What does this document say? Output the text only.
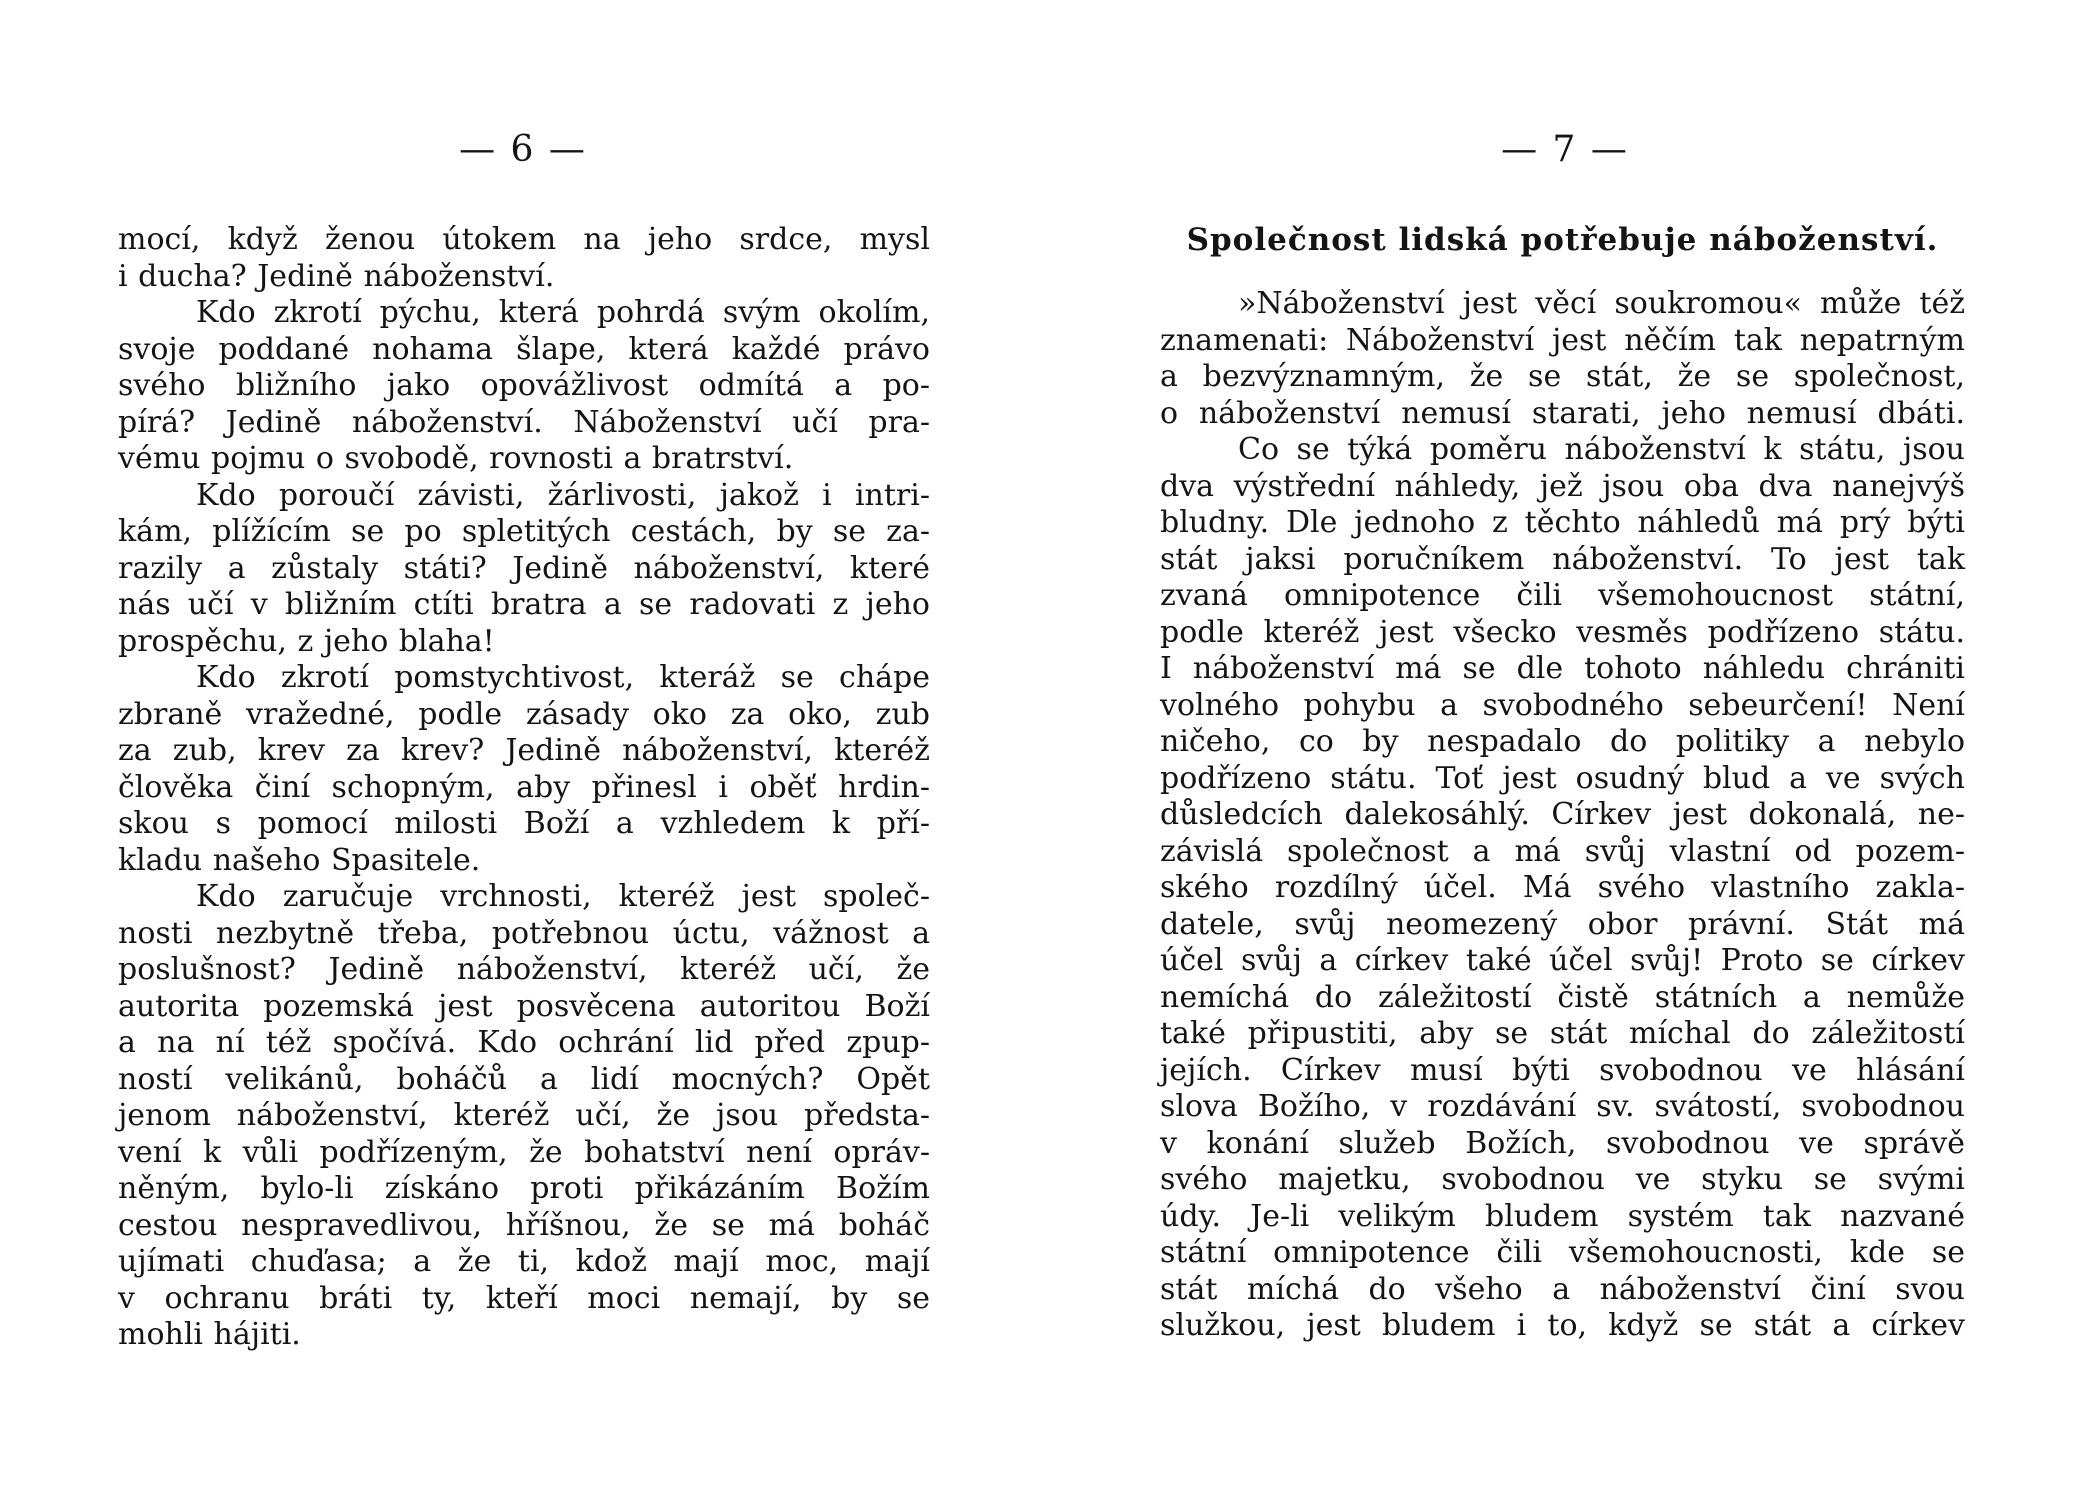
— 6 —
mocí, když ženou útokem na jeho srdce, mysl
i ducha? Jedině náboženství.
Kdo zkrotí pýchu, která pohrdá svým okolím,
svoje poddané nohama šlape, která každé právo
svého bližního jako opovážlivost odmítá a po-
pírá? Jedině náboženství. Náboženství učí pra-
vému pojmu o svobodě, rovnosti a bratrství.
Kdo poroučí závisti, žárlivosti, jakož i intri-
kám, plížícím se po spletitých cestách, by se za-
razily a zůstaly státi? Jedině náboženství, které
nás učí v bližním ctíti bratra a se radovati z jeho
prospěchu, z jeho blaha!
Kdo zkrotí pomstychtivost, kteráž se chápe
zbraně vražedné, podle zásady oko za oko, zub
za zub, krev za krev? Jedině náboženství, kteréž
člověka činí schopným, aby přinesl i oběť hrdin-
skou s pomocí milosti Boží a vzhledem k pří-
kladu našeho Spasitele.
Kdo zaručuje vrchnosti, kteréž jest společ-
nosti nezbytně třeba, potřebnou úctu, vážnost a
poslušnost? Jedině náboženství, kteréž učí, že
autorita pozemská jest posvěcena autoritou Boží
a na ní též spočívá. Kdo ochrání lid před zpup-
ností velikánů, boháčů a lidí mocných? Opět
jenom náboženství, kteréž učí, že jsou předsta-
vení k vůli podřízeným, že bohatství není opráv-
něným, bylo-li získáno proti přikázáním Božím
cestou nespravedlivou, hříšnou, že se má boháč
ujímati chuďasa; a že ti, kdož mají moc, mají
v ochranu bráti ty, kteří moci nemají, by se
mohli hájiti.
— 7 —
Společnost lidská potřebuje náboženství.
»Náboženství jest věcí soukromou« může též
znamenati: Náboženství jest něčím tak nepatrným
a bezvýznamným, že se stát, že se společnost,
o náboženství nemusí starati, jeho nemusí dbáti.
Co se týká poměru náboženství k státu, jsou
dva výstřední náhledy, jež jsou oba dva nanejvýš
bludny. Dle jednoho z těchto náhledů má prý býti
stát jaksi poručníkem náboženství. To jest tak
zvaná omnipotence čili všemohoucnost státní,
podle kteréž jest všecko vesměs podřízeno státu.
I náboženství má se dle tohoto náhledu chrániti
volného pohybu a svobodného sebeurčení! Není
ničeho, co by nespadalo do politiky a nebylo
podřízeno státu. Toť jest osudný blud a ve svých
důsledcích dalekosáhlý. Církev jest dokonalá, ne-
závislá společnost a má svůj vlastní od pozem-
ského rozdílný účel. Má svého vlastního zakla-
datele, svůj neomezený obor právní. Stát má
účel svůj a církev také účel svůj! Proto se církev
nemíchá do záležitostí čistě státních a nemůže
také připustiti, aby se stát míchal do záležitostí
jejích. Církev musí býti svobodnou ve hlásání
slova Božího, v rozdávání sv. svátostí, svobodnou
v konání služeb Božích, svobodnou ve správě
svého majetku, svobodnou ve styku se svými
údy. Je-li velikým bludem systém tak nazvané
státní omnipotence čili všemohoucnosti, kde se
stát míchá do všeho a náboženství činí svou
služkou, jest bludem i to, když se stát a církev
